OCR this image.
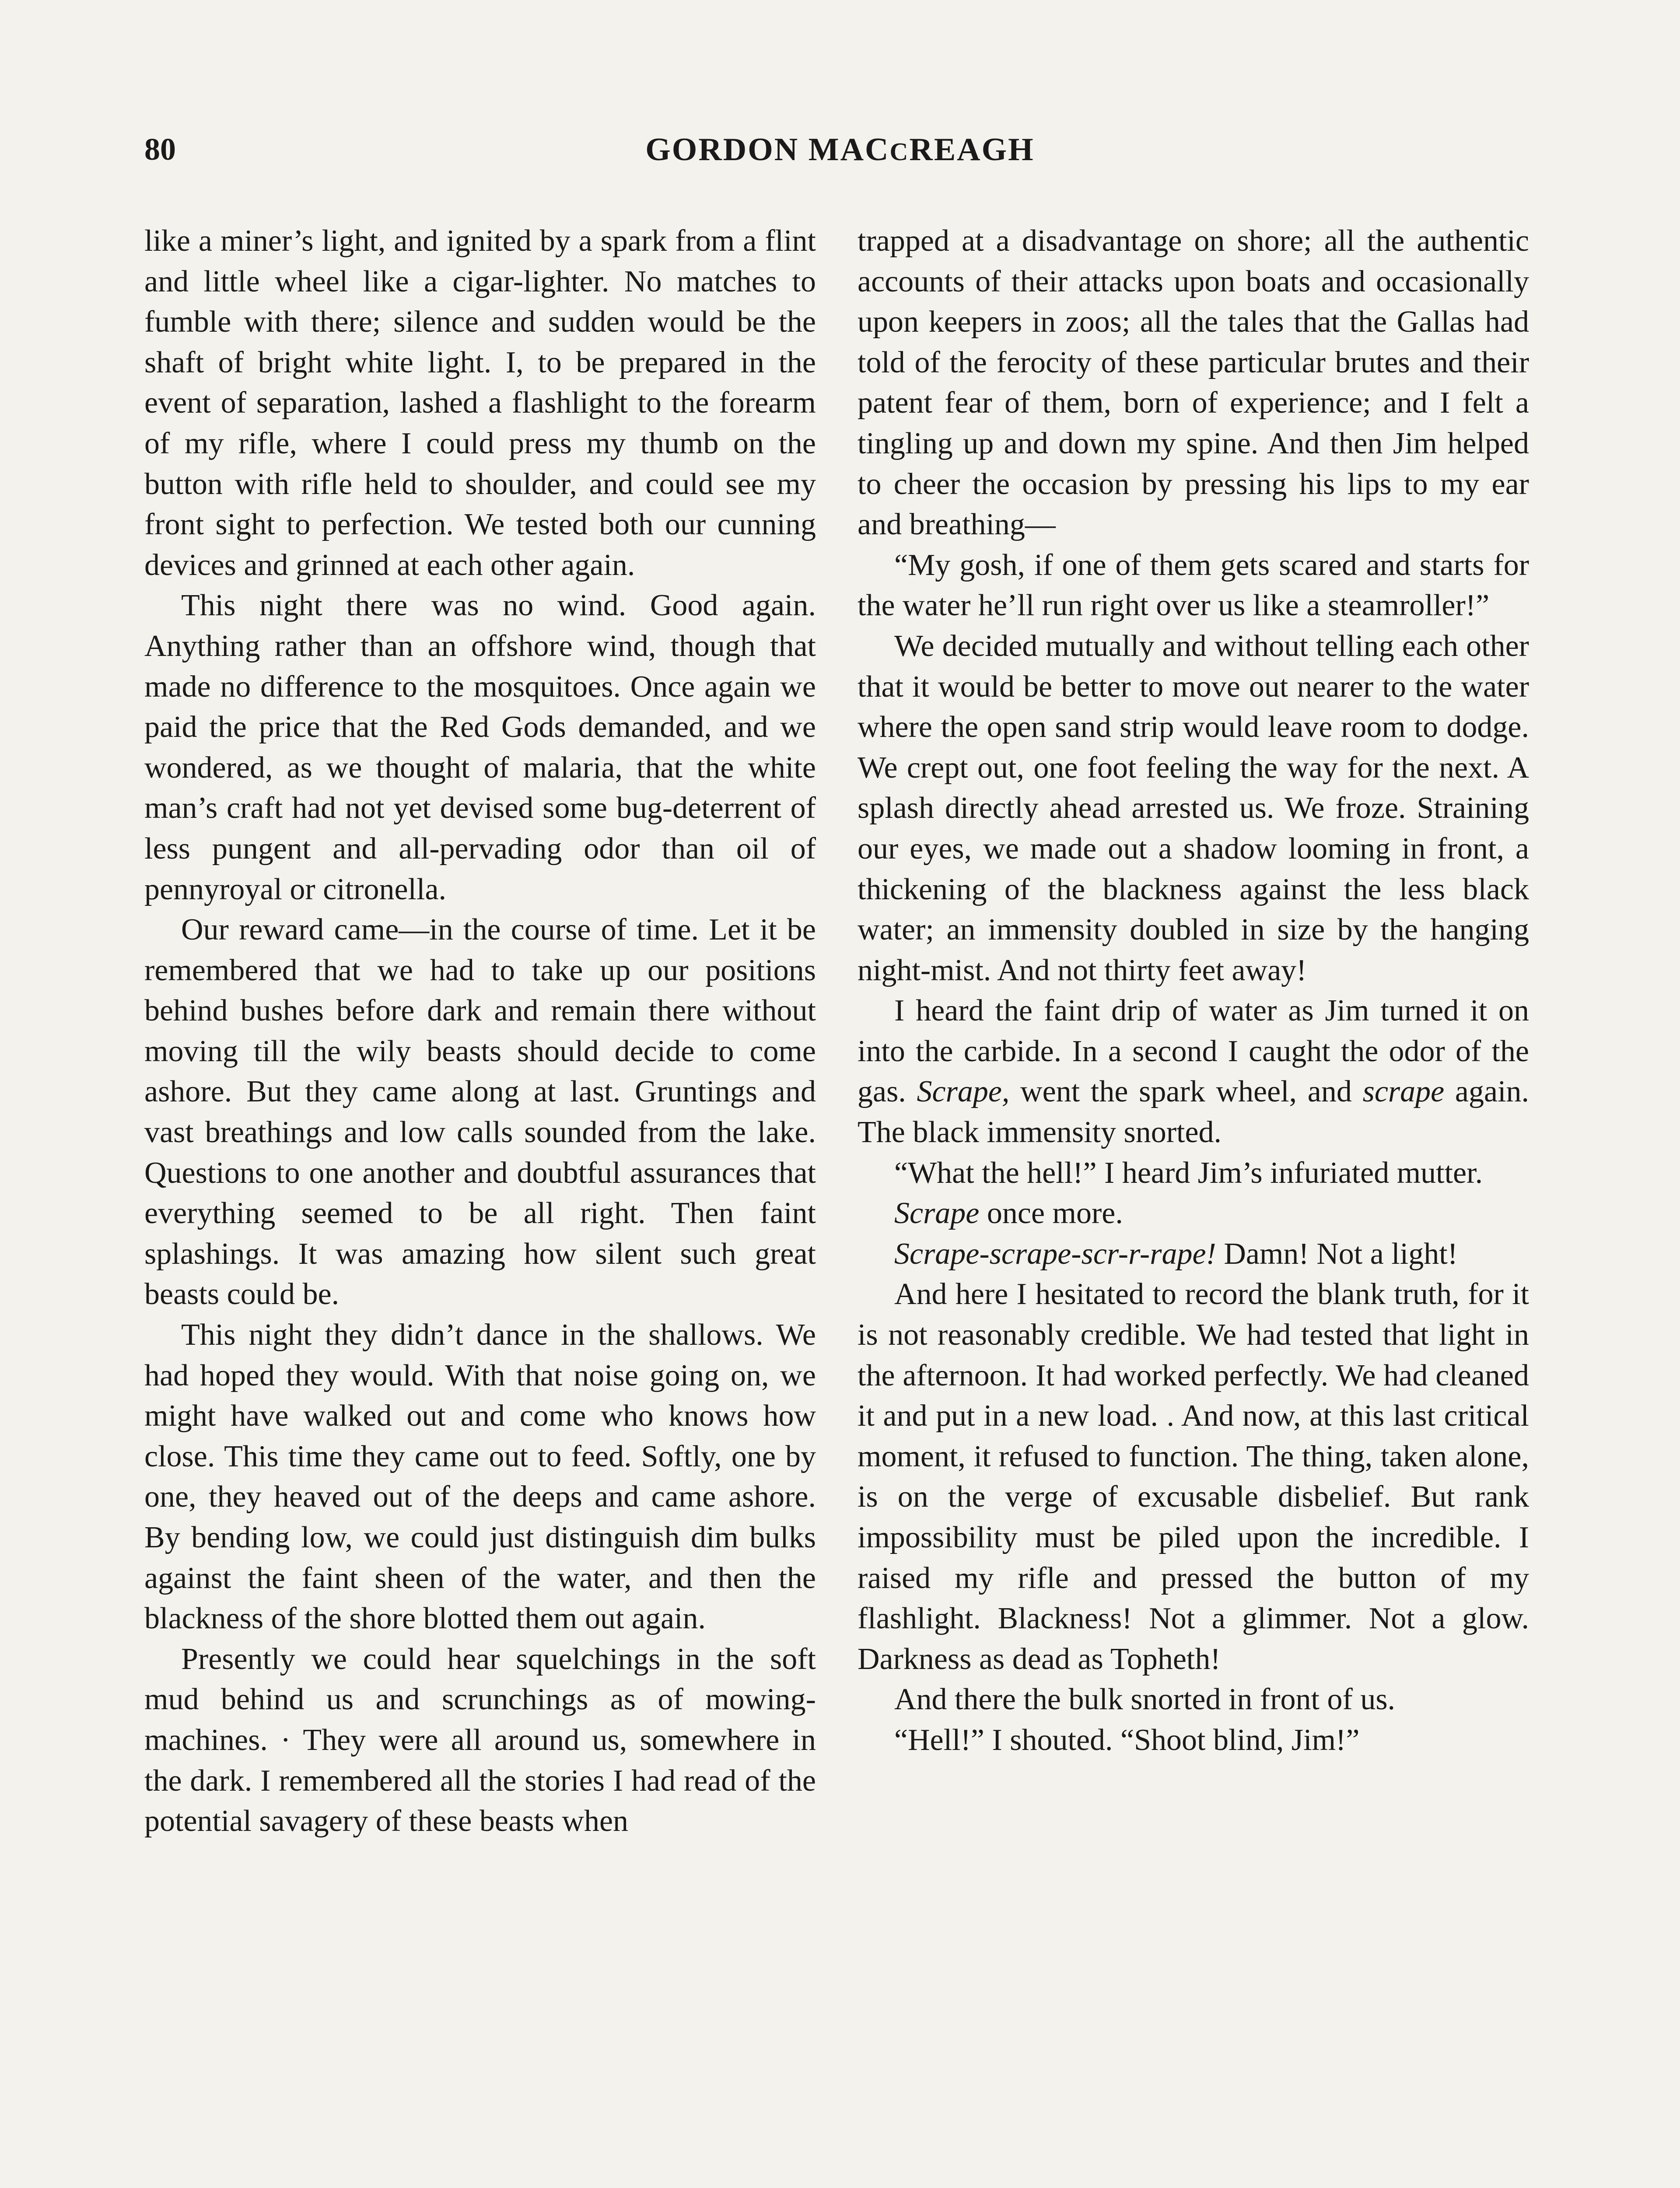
80	GORDON MACCREAGH

like a miner’s light, and ignited by a spark from a flint and little wheel like a cigar-lighter. No matches to fumble with there; silence and sudden would be the shaft of bright white light. I, to be prepared in the event of separation, lashed a flashlight to the forearm of my rifle, where I could press my thumb on the button with rifle held to shoulder, and could see my front sight to perfection. We tested both our cunning devices and grinned at each other again.

This night there was no wind. Good again. Anything rather than an offshore wind, though that made no difference to the mosquitoes. Once again we paid the price that the Red Gods demanded, and we wondered, as we thought of malaria, that the white man’s craft had not yet devised some bug-deterrent of less pungent and all-pervading odor than oil of pennyroyal or citronella.

Our reward came—in the course of time. Let it be remembered that we had to take up our positions behind bushes before dark and remain there without moving till the wily beasts should decide to come ashore. But they came along at last. Gruntings and vast breathings and low calls sounded from the lake. Questions to one another and doubtful assurances that everything seemed to be all right. Then faint splashings. It was amazing how silent such great beasts could be.

This night they didn’t dance in the shallows. We had hoped they would. With that noise going on, we might have walked out and come who knows how close. This time they came out to feed. Softly, one by one, they heaved out of the deeps and came ashore. By bending low, we could just distinguish dim bulks against the faint sheen of the water, and then the blackness of the shore blotted them out again.

Presently we could hear squelchings in the soft mud behind us and scrunchings as of mowing-machines. · They were all around us, somewhere in the dark. I remembered all the stories I had read of the potential savagery of these beasts when

trapped at a disadvantage on shore; all the authentic accounts of their attacks upon boats and occasionally upon keepers in zoos; all the tales that the Gallas had told of the ferocity of these particular brutes and their patent fear of them, born of experience; and I felt a tingling up and down my spine. And then Jim helped to cheer the occasion by pressing his lips to my ear and breathing—

“My gosh, if one of them gets scared and starts for the water he’ll run right over us like a steamroller!”

We decided mutually and without telling each other that it would be better to move out nearer to the water where the open sand strip would leave room to dodge. We crept out, one foot feeling the way for the next. A splash directly ahead arrested us. We froze. Straining our eyes, we made out a shadow looming in front, a thickening of the blackness against the less black water; an immensity doubled in size by the hanging night-mist. And not thirty feet away!

I heard the faint drip of water as Jim turned it on into the carbide. In a second I caught the odor of the gas. Scrape, went the spark wheel, and scrape again. The black immensity snorted.

“What the hell!” I heard Jim’s infuriated mutter.

Scrape once more.

Scrape-scrape-scr-r-rape! Damn! Not a light!

And here I hesitated to record the blank truth, for it is not reasonably credible. We had tested that light in the afternoon. It had worked perfectly. We had cleaned it and put in a new load. . And now, at this last critical moment, it refused to function. The thing, taken alone, is on the verge of excusable disbelief. But rank impossibility must be piled upon the incredible. I raised my rifle and pressed the button of my flashlight. Blackness! Not a glimmer. Not a glow. Darkness as dead as Topheth!

And there the bulk snorted in front of us.

“Hell!” I shouted. “Shoot blind, Jim!”
